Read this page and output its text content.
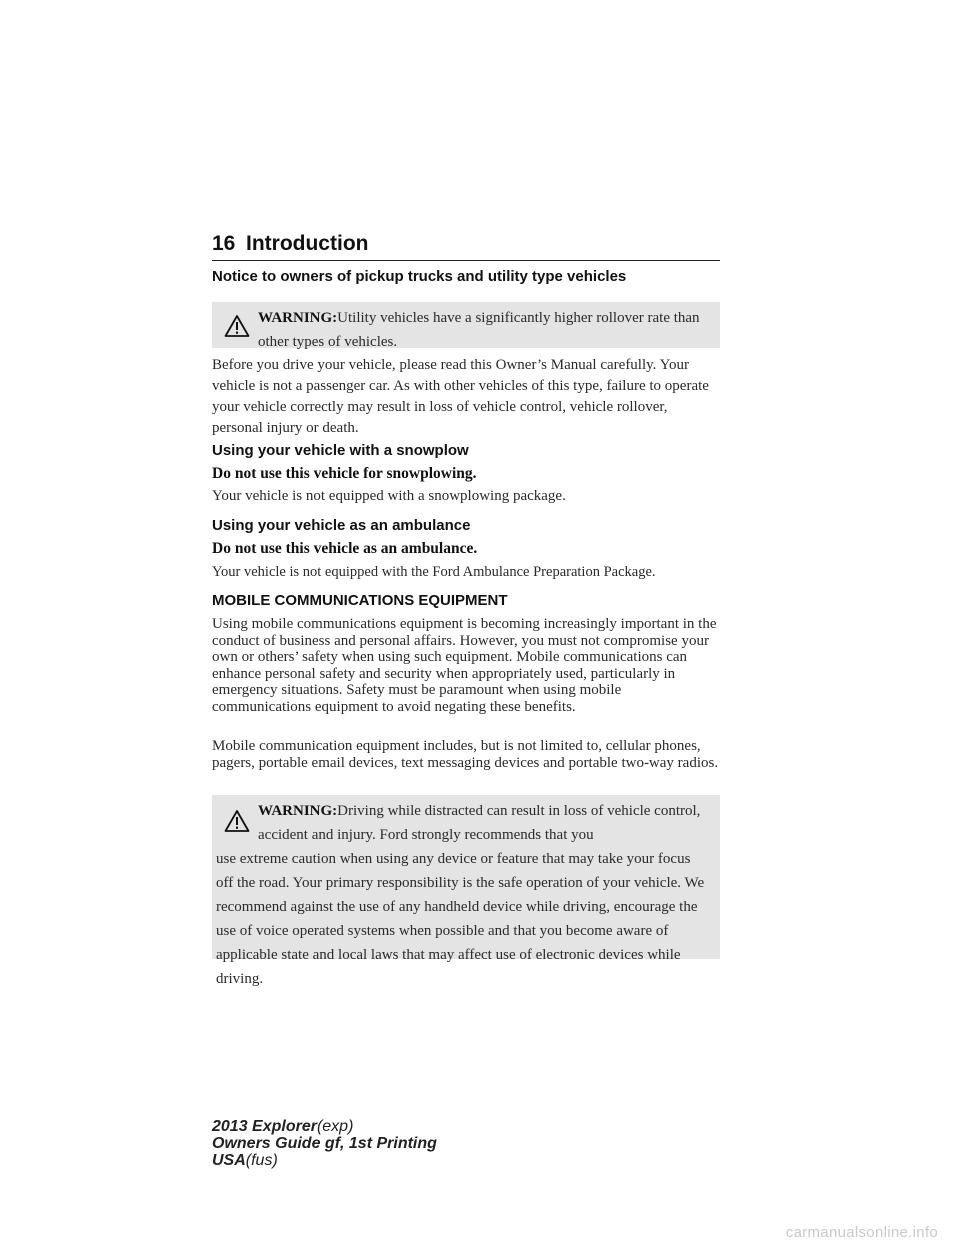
16 Introduction
Notice to owners of pickup trucks and utility type vehicles

WARNING:Utility vehicles have a significantly higher rollover rate than other types of vehicles.

Before you drive your vehicle, please read this Owner’s Manual carefully. Your vehicle is not a passenger car. As with other vehicles of this type, failure to operate your vehicle correctly may result in loss of vehicle control, vehicle rollover, personal injury or death.

Using your vehicle with a snowplow
Do not use this vehicle for snowplowing.

Your vehicle is not equipped with a snowplowing package.

Using your vehicle as an ambulance
Do not use this vehicle as an ambulance.

Your vehicle is not equipped with the Ford Ambulance Preparation Package.

MOBILE COMMUNICATIONS EQUIPMENT

Using mobile communications equipment is becoming increasingly important in the conduct of business and personal affairs. However, you must not compromise your own or others’ safety when using such equipment. Mobile communications can enhance personal safety and security when appropriately used, particularly in emergency situations. Safety must be paramount when using mobile communications equipment to avoid negating these benefits.

Mobile communication equipment includes, but is not limited to, cellular phones, pagers, portable email devices, text messaging devices and portable two-way radios.

WARNING:Driving while distracted can result in loss of vehicle control, accident and injury. Ford strongly recommends that you

use extreme caution when using any device or feature that may take your focus off the road. Your primary responsibility is the safe operation of your vehicle. We recommend against the use of any handheld device while driving, encourage the use of voice operated systems when possible and that you become aware of applicable state and local laws that may affect use of electronic devices while driving.

2013 Explorer(exp)
Owners Guide gf, 1st Printing
USA(fus)
carmanualsonline.info
